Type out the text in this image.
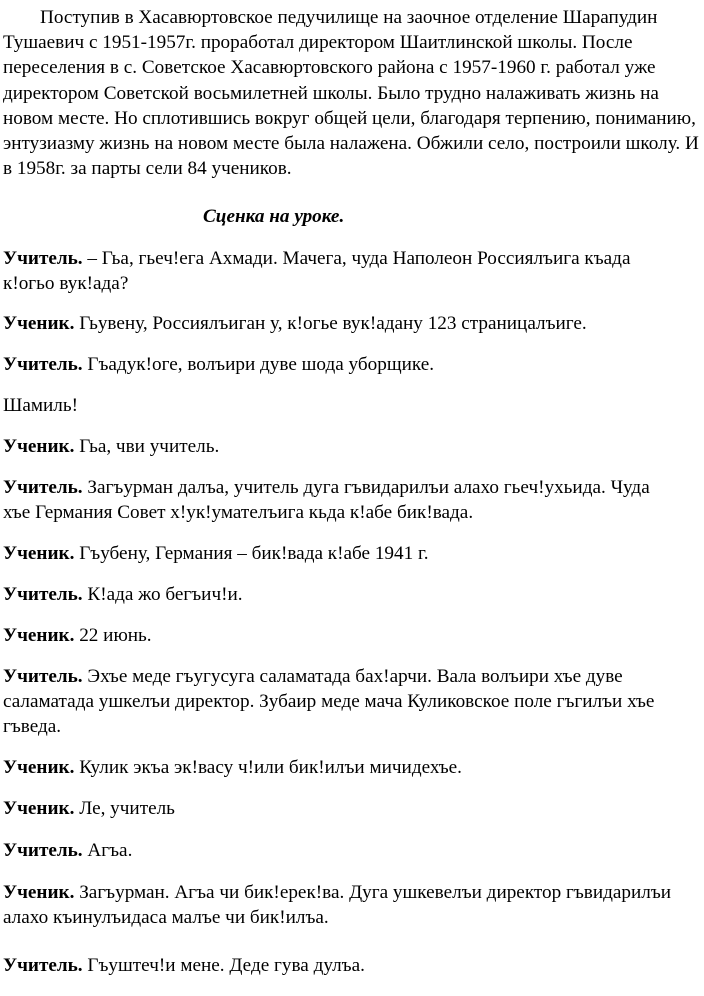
Поступив в Хасавюртовское педучилище на заочное отделение Шарапудин Тушаевич с 1951-1957г. проработал директором Шаитлинской школы. После переселения в с. Советское Хасавюртовского района с 1957-1960 г. работал уже директором Советской восьмилетней школы. Было трудно налаживать жизнь на новом месте. Но сплотившись вокруг общей цели, благодаря терпению, пониманию, энтузиазму жизнь на новом месте была налажена. Обжили село, построили школу. И в 1958г. за парты сели 84 учеников.

Сценка на уроке.

Учитель. – Гьа, гьеч!ега Ахмади. Мачега, чуда Наполеон Россиялъига къада

к!огьо вук!ада?

Ученик. Гьувену, Россиялъиган у, к!огье вук!адану 123 страницалъиге.

Учитель. Гъадук!оге, волъири дуве шода уборщике.

Шамиль!

Ученик. Гьа, чви учитель.

Учитель. Загъурман далъа, учитель дуга гъвидарилъи алахо гьеч!ухьида. Чуда

хъе Германия Совет х!ук!умателъига кьда к!абе бик!вада.

Ученик. Гъубену, Германия – бик!вада к!абе 1941 г.

Учитель. К!ада жо бегъич!и.

Ученик. 22 июнь.

Учитель. Эхъе меде гъугусуга саламатада бах!арчи. Вала волъири хъе дуве

саламатада ушкелъи директор. Зубаир меде мача Куликовское поле гъгилъи хъе

гъведа.

Ученик. Кулик экъа эк!васу ч!или бик!илъи мичидехъе.

Ученик. Ле, учитель

Учитель. Агъа.

Ученик. Загъурман. Агъа чи бик!ерек!ва. Дуга ушкевелъи директор гъвидарилъи

алахо къинулъидаса малъе чи бик!илъа.

Учитель. Гъуштеч!и мене. Деде гува дулъа.
